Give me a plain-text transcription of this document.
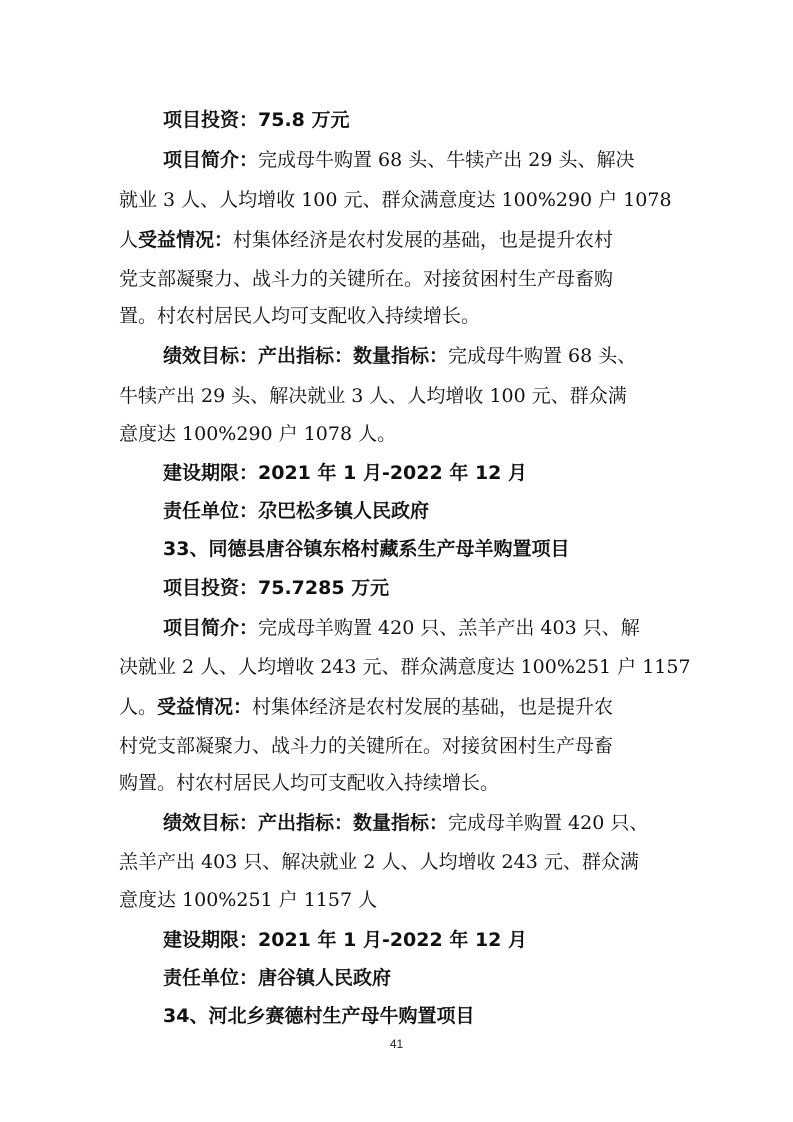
项目投资：75.8 万元
项目简介：完成母牛购置 68 头、牛犊产出 29 头、解决
就业 3 人、人均增收 100 元、群众满意度达 100%290 户 1078
人受益情况：村集体经济是农村发展的基础，也是提升农村
党支部凝聚力、战斗力的关键所在。对接贫困村生产母畜购
置。村农村居民人均可支配收入持续增长。
绩效目标：产出指标：数量指标：完成母牛购置 68 头、
牛犊产出 29 头、解决就业 3 人、人均增收 100 元、群众满
意度达 100%290 户 1078 人。
建设期限：2021 年 1 月-2022 年 12 月
责任单位：尕巴松多镇人民政府
33、同德县唐谷镇东格村藏系生产母羊购置项目
项目投资：75.7285 万元
项目简介：完成母羊购置 420 只、羔羊产出 403 只、解
决就业 2 人、人均增收 243 元、群众满意度达 100%251 户 1157
人。受益情况：村集体经济是农村发展的基础，也是提升农
村党支部凝聚力、战斗力的关键所在。对接贫困村生产母畜
购置。村农村居民人均可支配收入持续增长。
绩效目标：产出指标：数量指标：完成母羊购置 420 只、
羔羊产出 403 只、解决就业 2 人、人均增收 243 元、群众满
意度达 100%251 户 1157 人
建设期限：2021 年 1 月-2022 年 12 月
责任单位：唐谷镇人民政府
34、河北乡赛德村生产母牛购置项目
41
